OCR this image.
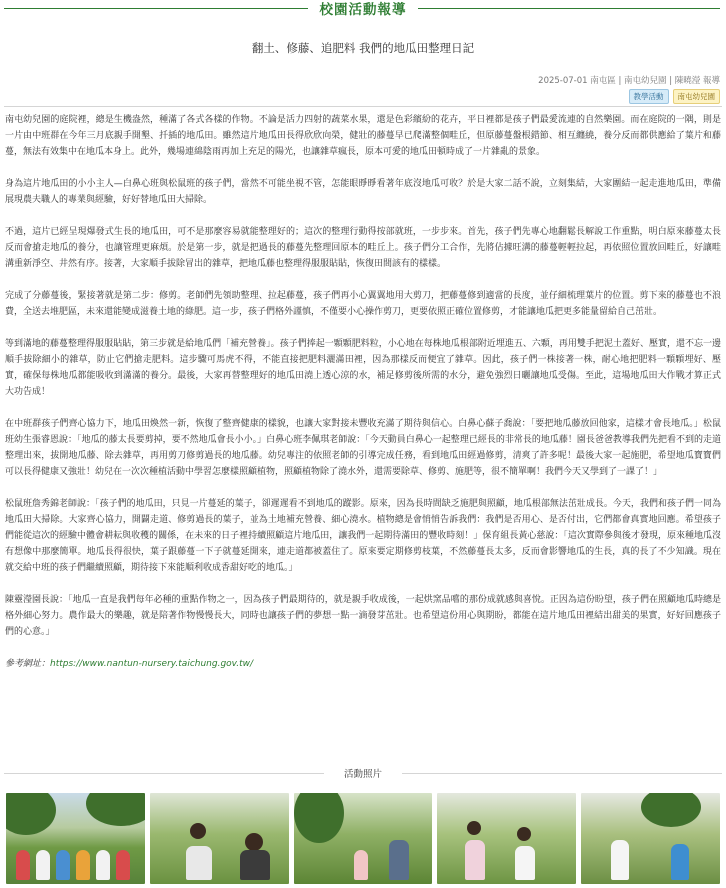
校園活動報導
翻土、修藤、追肥料 我們的地瓜田整理日記
2025-07-01 南屯區 | 南屯幼兒園 | 陳曉瀅 報導
教學活動	南屯幼兒園

南屯幼兒園的庭院裡，總是生機盎然，種滿了各式各樣的作物。不論是活力四射的蔬菜水果，還是色彩繽紛的花卉，平日裡都是孩子們最愛流連的自然樂園。而在庭院的一隅，則是一片由中班群在今年三月底親手開墾、扦插的地瓜田。雖然這片地瓜田長得欣欣向榮，健壯的藤蔓早已爬滿整個畦丘，但原藤蔓盤根錯節、相互纏繞，養分反而都供應給了葉片和藤蔓，無法有效集中在地瓜本身上。此外，幾場連綿陰雨再加上充足的陽光，也讓雜草瘋長，原本可愛的地瓜田頓時成了一片雜亂的景象。

身為這片地瓜田的小小主人—白鼻心班與松鼠班的孩子們，當然不可能坐視不管，怎能眼睜睜看著年底沒地瓜可收？於是大家二話不說，立刻集結，大家團結一起走進地瓜田，準備展現農夫職人的專業與經驗，好好替地瓜田大掃除。

不過，這片已經呈現爆發式生長的地瓜田，可不是那麼容易就能整理好的；這次的整理行動得按部就班，一步步來。首先，孩子們先專心地翻鬆長解說工作重點，明白原來藤蔓太長反而會搶走地瓜的養分，也讓管理更麻煩。於是第一步，就是把過長的藤蔓先整理回原本的畦丘上。孩子們分工合作，先將佔據旺溝的藤蔓輕輕拉起，再依照位置放回畦丘，好讓畦溝重新淨空、井然有序。接著，大家順手拔除冒出的雜草，把地瓜藤也整理得服服貼貼，恢復田間該有的樣樣。

完成了分藤蔓後，緊接著就是第二步：修剪。老師們先領助整理、拉起藤蔓，孩子們再小心翼翼地用大剪刀，把藤蔓修到適當的長度，並仔細梳理葉片的位置。剪下來的藤蔓也不浪費，全送去堆肥區，未來還能變成滋養土地的綠肥。這一步，孩子們格外謹慎，不僅要小心操作剪刀，更要依照正確位置修剪，才能讓地瓜把更多能量留給自己茁壯。

等到滿地的藤蔓整理得服服貼貼，第三步就是給地瓜們「補充營養」。孩子們捧起一顆顆肥料粒，小心地在每株地瓜根部附近埋進五、六顆，再用雙手把泥土蓋好、壓實，還不忘一邊順手拔除細小的雜草，防止它們搶走肥料。這步驟可馬虎不得，不能直接把肥料灑滿田裡，因為那樣反而便宜了雜草。因此，孩子們一株接著一株，耐心地把肥料一顆顆埋好、壓實，確保每株地瓜都能吸收到滿滿的養分。最後，大家再替整理好的地瓜田澆上透心涼的水，補足修剪後所需的水分，避免強烈日曬讓地瓜受傷。至此，這場地瓜田大作戰才算正式大功告成！

在中班群孩子們齊心協力下，地瓜田煥然一新，恢復了整齊健康的樣貌，也讓大家對接未豐收充滿了期待與信心。白鼻心蘇子喬說：「要把地瓜藤放回他家，這樣才會長地瓜。」松鼠班幼生張睿恩說：「地瓜的藤太長要剪掉，要不然地瓜會長小小。」白鼻心班李佩琪老師說：「今天動員白鼻心一起整理已經長的非常長的地瓜藤！園長爸爸教導我們先把看不到的走道整理出來，拔開地瓜藤、除去雜草，再用剪刀修剪過長的地瓜藤。幼兒專注的依照老師的引導完成任務，看到地瓜田經過修剪，清爽了許多呢！最後大家一起施肥，希望地瓜寶寶們可以長得健康又強壯！幼兒在一次次種植活動中學習怎麼樣照顧植物，照顧植物除了澆水外，還需要除草、修剪、施肥等，很不簡單啊！我們今天又學到了一課了！」

松鼠班詹秀錦老師說：「孩子們的地瓜田，只見一片蔓延的葉子，卻遲遲看不到地瓜的蹤影。原來，因為長時間缺乏施肥與照顧，地瓜根部無法茁壯成長。今天，我們和孩子們一同為地瓜田大掃除。大家齊心協力，開闢走道、修剪過長的葉子，並為土地補充營養、細心澆水。植物總是會悄悄告訴我們：我們是否用心、是否付出，它們都會真實地回應。希望孩子們能從這次的經驗中體會耕耘與收穫的關係，在未來的日子裡持續照顧這片地瓜田，讓我們一起期待滿田的豐收時刻！」保育組長黃心慈說：「這次實際參與後才發現，原來種地瓜沒有想像中那麼簡單。地瓜長得很快，葉子跟藤蔓一下子就蔓延開來，連走道都被蓋住了。原來要定期修剪枝葉，不然藤蔓長太多，反而會影響地瓜的生長，真的長了不少知識。現在就交給中班的孩子們繼續照顧，期待接下來能順利收成香甜好吃的地瓜。」

陳靈瀅園長說：「地瓜一直是我們每年必種的重點作物之一，因為孩子們最期待的，就是親手收成後，一起烘窯品嚐的那份成就感與喜悅。正因為這份盼望，孩子們在照顧地瓜時總是格外細心努力。農作最大的樂趣，就是陪著作物慢慢長大，同時也讓孩子們的夢想一點一滴發芽茁壯。也希望這份用心與期盼，都能在這片地瓜田裡結出甜美的果實，好好回應孩子們的心意。」

參考網址：https://www.nantun-nursery.taichung.gov.tw/

活動照片
